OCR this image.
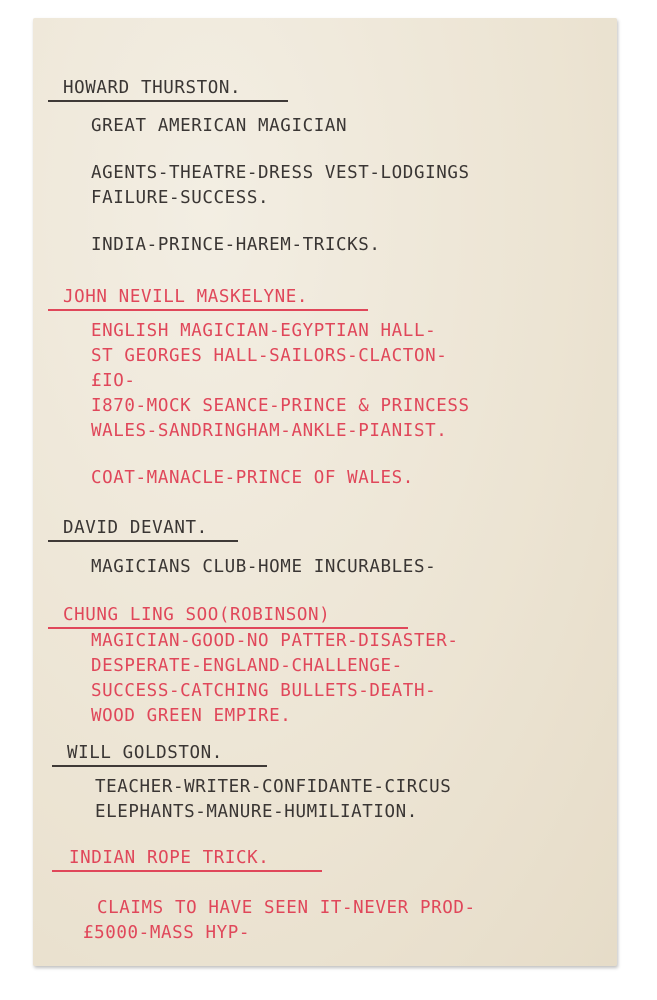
HOWARD THURSTON.
GREAT AMERICAN MAGICIAN
AGENTS-THEATRE-DRESS VEST-LODGINGS
FAILURE-SUCCESS.
INDIA-PRINCE-HAREM-TRICKS.
JOHN NEVILL MASKELYNE.
ENGLISH MAGICIAN-EGYPTIAN HALL-
ST GEORGES HALL-SAILORS-CLACTON-
£IO-
I870-MOCK SEANCE-PRINCE & PRINCESS
WALES-SANDRINGHAM-ANKLE-PIANIST.
COAT-MANACLE-PRINCE OF WALES.
DAVID DEVANT.
MAGICIANS CLUB-HOME INCURABLES-
CHUNG LING SOO(ROBINSON)
MAGICIAN-GOOD-NO PATTER-DISASTER-
DESPERATE-ENGLAND-CHALLENGE-
SUCCESS-CATCHING BULLETS-DEATH-
WOOD GREEN EMPIRE.
WILL GOLDSTON.
TEACHER-WRITER-CONFIDANTE-CIRCUS
ELEPHANTS-MANURE-HUMILIATION.
INDIAN ROPE TRICK.
CLAIMS TO HAVE SEEN IT-NEVER PROD-
£5000-MASS HYP-
